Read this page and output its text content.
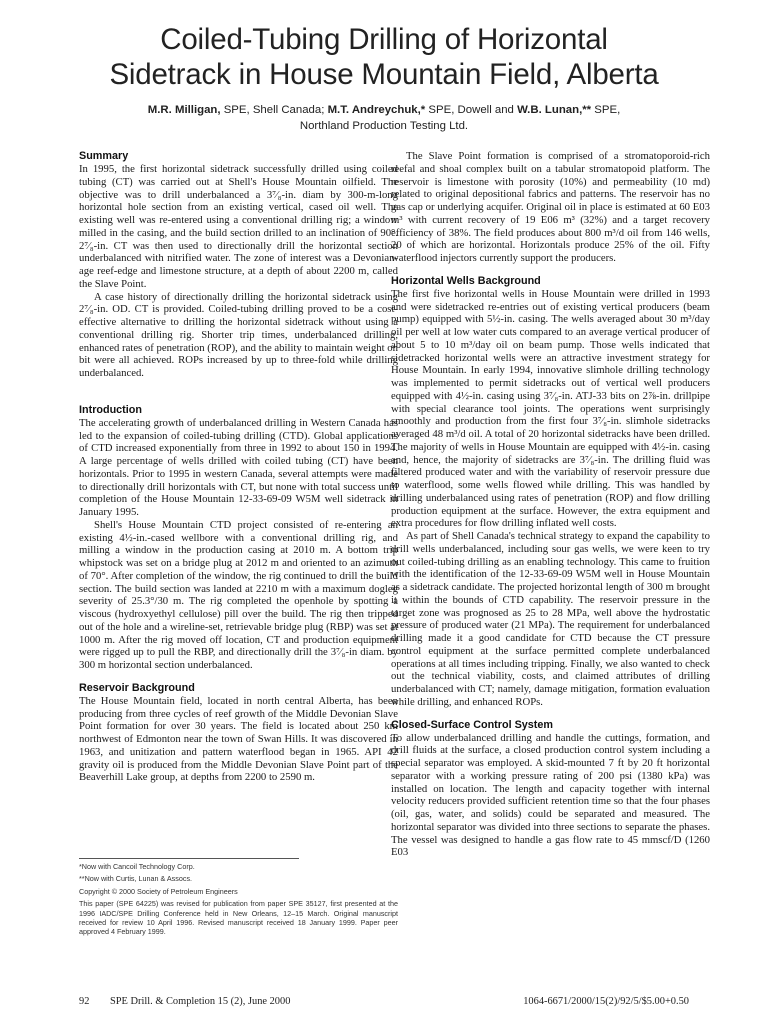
Coiled-Tubing Drilling of Horizontal
Sidetrack in House Mountain Field, Alberta
M.R. Milligan, SPE, Shell Canada; M.T. Andreychuk,* SPE, Dowell and W.B. Lunan,** SPE,
Northland Production Testing Ltd.
Summary

In 1995, the first horizontal sidetrack successfully drilled using coiled tubing (CT) was carried out at Shell's House Mountain oilfield. The objective was to drill underbalanced a 3⁷⁄₈-in. diam by 300-m-long horizontal hole section from an existing vertical, cased oil well. The existing well was re-entered using a conventional drilling rig; a window milled in the casing, and the build section drilled to an inclination of 90°. 2⁷⁄₈-in. CT was then used to directionally drill the horizontal section underbalanced with nitrified water. The zone of interest was a Devonian-age reef-edge and limestone structure, at a depth of about 2200 m, called the Slave Point.

A case history of directionally drilling the horizontal sidetrack using 2⁷⁄₈-in. OD. CT is provided. Coiled-tubing drilling proved to be a cost-effective alternative to drilling the horizontal sidetrack without using a conventional drilling rig. Shorter trip times, underbalanced drilling, enhanced rates of penetration (ROP), and the ability to maintain weight on bit were all achieved. ROPs increased by up to three-fold while drilling underbalanced.

Introduction

The accelerating growth of underbalanced drilling in Western Canada has led to the expansion of coiled-tubing drilling (CTD). Global applications of CTD increased exponentially from three in 1992 to about 150 in 1994. A large percentage of wells drilled with coiled tubing (CT) have been horizontals. Prior to 1995 in western Canada, several attempts were made to directionally drill horizontals with CT, but none with total success until completion of the House Mountain 12-33-69-09 W5M well sidetrack in January 1995.

Shell's House Mountain CTD project consisted of re-entering an existing 4½-in.-cased wellbore with a conventional drilling rig, and milling a window in the production casing at 2010 m. A bottom trip whipstock was set on a bridge plug at 2012 m and oriented to an azimuth of 70°. After completion of the window, the rig continued to drill the build section. The build section was landed at 2210 m with a maximum dogleg severity of 25.3°/30 m. The rig completed the openhole by spotting a viscous (hydroxyethyl cellulose) pill over the build. The rig then tripped out of the hole and a wireline-set, retrievable bridge plug (RBP) was set at 1000 m. After the rig moved off location, CT and production equipment were rigged up to pull the RBP, and directionally drill the 3⁷⁄₈-in diam. by 300 m horizontal section underbalanced.

Reservoir Background

The House Mountain field, located in north central Alberta, has been producing from three cycles of reef growth of the Middle Devonian Slave Point formation for over 30 years. The field is located about 250 km northwest of Edmonton near the town of Swan Hills. It was discovered in 1963, and unitization and pattern waterflood began in 1965. API 42 gravity oil is produced from the Middle Devonian Slave Point part of the Beaverhill Lake group, at depths from 2200 to 2590 m.

*Now with Cancoil Technology Corp.

**Now with Curtis, Lunan & Assocs.

Copyright © 2000 Society of Petroleum Engineers

This paper (SPE 64225) was revised for publication from paper SPE 35127, first presented at the 1996 IADC/SPE Drilling Conference held in New Orleans, 12–15 March. Original manuscript received for review 10 April 1996. Revised manuscript received 18 January 1999. Paper peer approved 4 February 1999.

The Slave Point formation is comprised of a stromatoporoid-rich reefal and shoal complex built on a tabular stromatopoid platform. The reservoir is limestone with porosity (10%) and permeability (10 md) related to original depositional fabrics and patterns. The reservoir has no gas cap or underlying acquifer. Original oil in place is estimated at 60 E03 m³ with current recovery of 19 E06 m³ (32%) and a target recovery efficiency of 38%. The field produces about 800 m³/d oil from 146 wells, 20 of which are horizontal. Horizontals produce 25% of the oil. Fifty waterflood injectors currently support the producers.

Horizontal Wells Background

The first five horizontal wells in House Mountain were drilled in 1993 and were sidetracked re-entries out of existing vertical producers (beam pump) equipped with 5½-in. casing. The wells averaged about 30 m³/day oil per well at low water cuts compared to an average vertical producer of about 5 to 10 m³/day oil on beam pump. Those wells indicated that sidetracked horizontal wells were an attractive investment strategy for House Mountain. In early 1994, innovative slimhole drilling technology was implemented to permit sidetracks out of vertical well producers equipped with 4½-in. casing using 3⁷⁄₈-in. ATJ-33 bits on 2⅞-in. drillpipe with special clearance tool joints. The operations went surprisingly smoothly and production from the first four 3⁷⁄₈-in. slimhole sidetracks averaged 48 m³/d oil. A total of 20 horizontal sidetracks have been drilled. The majority of wells in House Mountain are equipped with 4½-in. casing and, hence, the majority of sidetracks are 3⁷⁄₈-in. The drilling fluid was filtered produced water and with the variability of reservoir pressure due to waterflood, some wells flowed while drilling. This was handled by drilling underbalanced using rates of penetration (ROP) and flow drilling production equipment at the surface. However, the extra equipment and extra procedures for flow drilling inflated well costs.

As part of Shell Canada's technical strategy to expand the capability to drill wells underbalanced, including sour gas wells, we were keen to try out coiled-tubing drilling as an enabling technology. This came to fruition with the identification of the 12-33-69-09 W5M well in House Mountain as a sidetrack candidate. The projected horizontal length of 300 m brought it within the bounds of CTD capability. The reservoir pressure in the target zone was prognosed as 25 to 28 MPa, well above the hydrostatic pressure of produced water (21 MPa). The requirement for underbalanced drilling made it a good candidate for CTD because the CT pressure control equipment at the surface permitted complete underbalanced operations at all times including tripping. Finally, we also wanted to check out the technical viability, costs, and claimed attributes of drilling underbalanced with CT; namely, damage mitigation, formation evaluation while drilling, and enhanced ROPs.

Closed-Surface Control System

To allow underbalanced drilling and handle the cuttings, formation, and drill fluids at the surface, a closed production control system including a special separator was employed. A skid-mounted 7 ft by 20 ft horizontal separator with a working pressure rating of 200 psi (1380 kPa) was installed on location. The length and capacity together with internal velocity reducers provided sufficient retention time so that the four phases (oil, gas, water, and solids) could be separated and measured. The horizontal separator was divided into three sections to separate the phases. The vessel was designed to handle a gas flow rate to 45 mmscf/D (1260 E03

92 SPE Drill. & Completion 15 (2), June 2000	1064-6671/2000/15(2)/92/5/$5.00+0.50
